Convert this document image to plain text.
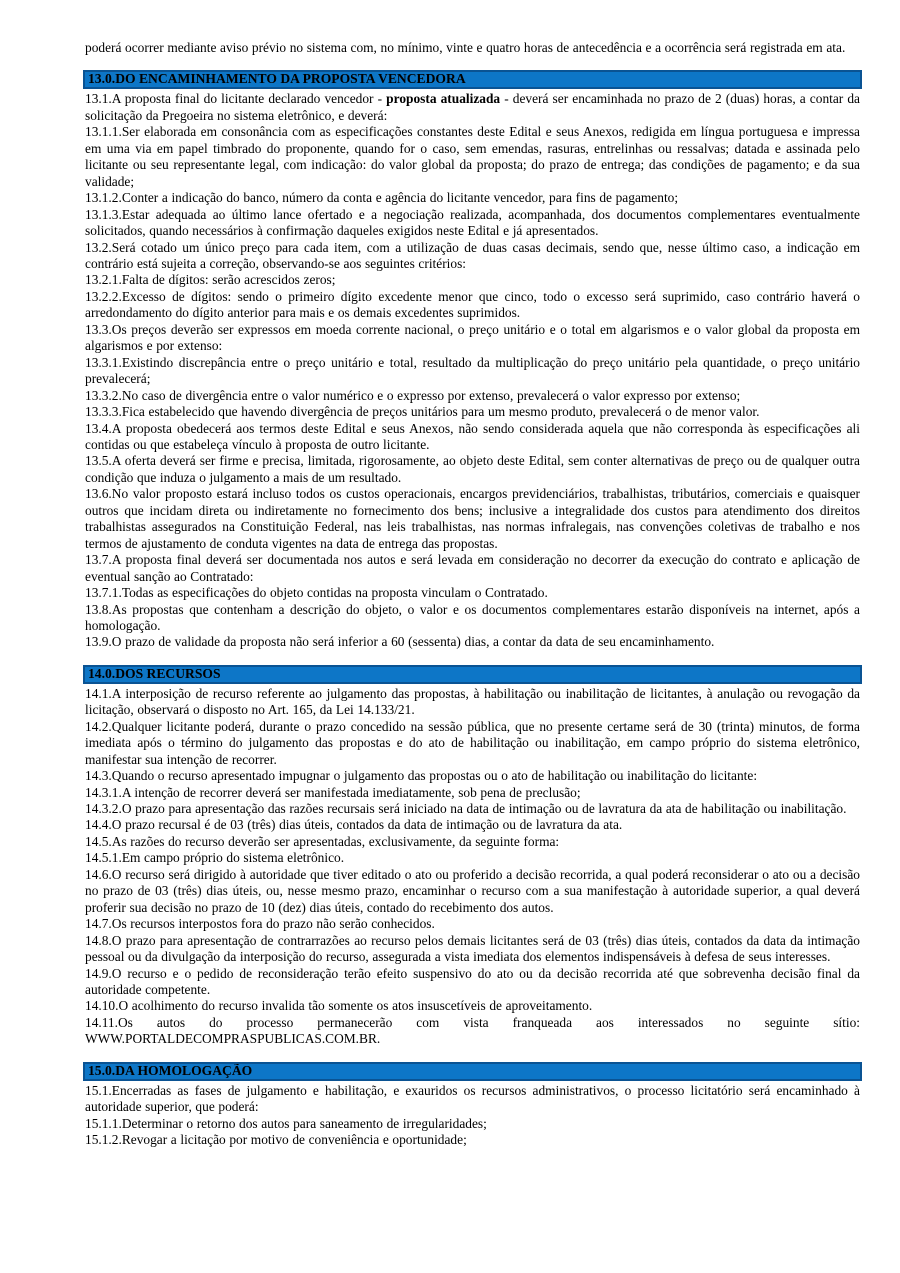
poderá ocorrer mediante aviso prévio no sistema com, no mínimo, vinte e quatro horas de antecedência e a ocorrência será registrada em ata.

13.0.DO ENCAMINHAMENTO DA PROPOSTA VENCEDORA

13.1.A proposta final do licitante declarado vencedor - proposta atualizada - deverá ser encaminhada no prazo de 2 (duas) horas, a contar da solicitação da Pregoeira no sistema eletrônico, e deverá:

13.1.1.Ser elaborada em consonância com as especificações constantes deste Edital e seus Anexos, redigida em língua portuguesa e impressa em uma via em papel timbrado do proponente, quando for o caso, sem emendas, rasuras, entrelinhas ou ressalvas; datada e assinada pelo licitante ou seu representante legal, com indicação: do valor global da proposta; do prazo de entrega; das condições de pagamento; e da sua validade;

13.1.2.Conter a indicação do banco, número da conta e agência do licitante vencedor, para fins de pagamento;

13.1.3.Estar adequada ao último lance ofertado e a negociação realizada, acompanhada, dos documentos complementares eventualmente solicitados, quando necessários à confirmação daqueles exigidos neste Edital e já apresentados.

13.2.Será cotado um único preço para cada item, com a utilização de duas casas decimais, sendo que, nesse último caso, a indicação em contrário está sujeita a correção, observando-se aos seguintes critérios:

13.2.1.Falta de dígitos: serão acrescidos zeros;

13.2.2.Excesso de dígitos: sendo o primeiro dígito excedente menor que cinco, todo o excesso será suprimido, caso contrário haverá o arredondamento do dígito anterior para mais e os demais excedentes suprimidos.

13.3.Os preços deverão ser expressos em moeda corrente nacional, o preço unitário e o total em algarismos e o valor global da proposta em algarismos e por extenso:

13.3.1.Existindo discrepância entre o preço unitário e total, resultado da multiplicação do preço unitário pela quantidade, o preço unitário prevalecerá;

13.3.2.No caso de divergência entre o valor numérico e o expresso por extenso, prevalecerá o valor expresso por extenso;

13.3.3.Fica estabelecido que havendo divergência de preços unitários para um mesmo produto, prevalecerá o de menor valor.

13.4.A proposta obedecerá aos termos deste Edital e seus Anexos, não sendo considerada aquela que não corresponda às especificações ali contidas ou que estabeleça vínculo à proposta de outro licitante.

13.5.A oferta deverá ser firme e precisa, limitada, rigorosamente, ao objeto deste Edital, sem conter alternativas de preço ou de qualquer outra condição que induza o julgamento a mais de um resultado.

13.6.No valor proposto estará incluso todos os custos operacionais, encargos previdenciários, trabalhistas, tributários, comerciais e quaisquer outros que incidam direta ou indiretamente no fornecimento dos bens; inclusive a integralidade dos custos para atendimento dos direitos trabalhistas assegurados na Constituição Federal, nas leis trabalhistas, nas normas infralegais, nas convenções coletivas de trabalho e nos termos de ajustamento de conduta vigentes na data de entrega das propostas.

13.7.A proposta final deverá ser documentada nos autos e será levada em consideração no decorrer da execução do contrato e aplicação de eventual sanção ao Contratado:

13.7.1.Todas as especificações do objeto contidas na proposta vinculam o Contratado.

13.8.As propostas que contenham a descrição do objeto, o valor e os documentos complementares estarão disponíveis na internet, após a homologação.

13.9.O prazo de validade da proposta não será inferior a 60 (sessenta) dias, a contar da data de seu encaminhamento.

14.0.DOS RECURSOS

14.1.A interposição de recurso referente ao julgamento das propostas, à habilitação ou inabilitação de licitantes, à anulação ou revogação da licitação, observará o disposto no Art. 165, da Lei 14.133/21.

14.2.Qualquer licitante poderá, durante o prazo concedido na sessão pública, que no presente certame será de 30 (trinta) minutos, de forma imediata após o término do julgamento das propostas e do ato de habilitação ou inabilitação, em campo próprio do sistema eletrônico, manifestar sua intenção de recorrer.

14.3.Quando o recurso apresentado impugnar o julgamento das propostas ou o ato de habilitação ou inabilitação do licitante:

14.3.1.A intenção de recorrer deverá ser manifestada imediatamente, sob pena de preclusão;

14.3.2.O prazo para apresentação das razões recursais será iniciado na data de intimação ou de lavratura da ata de habilitação ou inabilitação.

14.4.O prazo recursal é de 03 (três) dias úteis, contados da data de intimação ou de lavratura da ata.

14.5.As razões do recurso deverão ser apresentadas, exclusivamente, da seguinte forma:

14.5.1.Em campo próprio do sistema eletrônico.

14.6.O recurso será dirigido à autoridade que tiver editado o ato ou proferido a decisão recorrida, a qual poderá reconsiderar o ato ou a decisão no prazo de 03 (três) dias úteis, ou, nesse mesmo prazo, encaminhar o recurso com a sua manifestação à autoridade superior, a qual deverá proferir sua decisão no prazo de 10 (dez) dias úteis, contado do recebimento dos autos.

14.7.Os recursos interpostos fora do prazo não serão conhecidos.

14.8.O prazo para apresentação de contrarrazões ao recurso pelos demais licitantes será de 03 (três) dias úteis, contados da data da intimação pessoal ou da divulgação da interposição do recurso, assegurada a vista imediata dos elementos indispensáveis à defesa de seus interesses.

14.9.O recurso e o pedido de reconsideração terão efeito suspensivo do ato ou da decisão recorrida até que sobrevenha decisão final da autoridade competente.

14.10.O acolhimento do recurso invalida tão somente os atos insuscetíveis de aproveitamento.

14.11.Os autos do processo permanecerão com vista franqueada aos interessados no seguinte sítio: WWW.PORTALDECOMPRASPUBLICAS.COM.BR.

15.0.DA HOMOLOGAÇÃO

15.1.Encerradas as fases de julgamento e habilitação, e exauridos os recursos administrativos, o processo licitatório será encaminhado à autoridade superior, que poderá:

15.1.1.Determinar o retorno dos autos para saneamento de irregularidades;

15.1.2.Revogar a licitação por motivo de conveniência e oportunidade;
